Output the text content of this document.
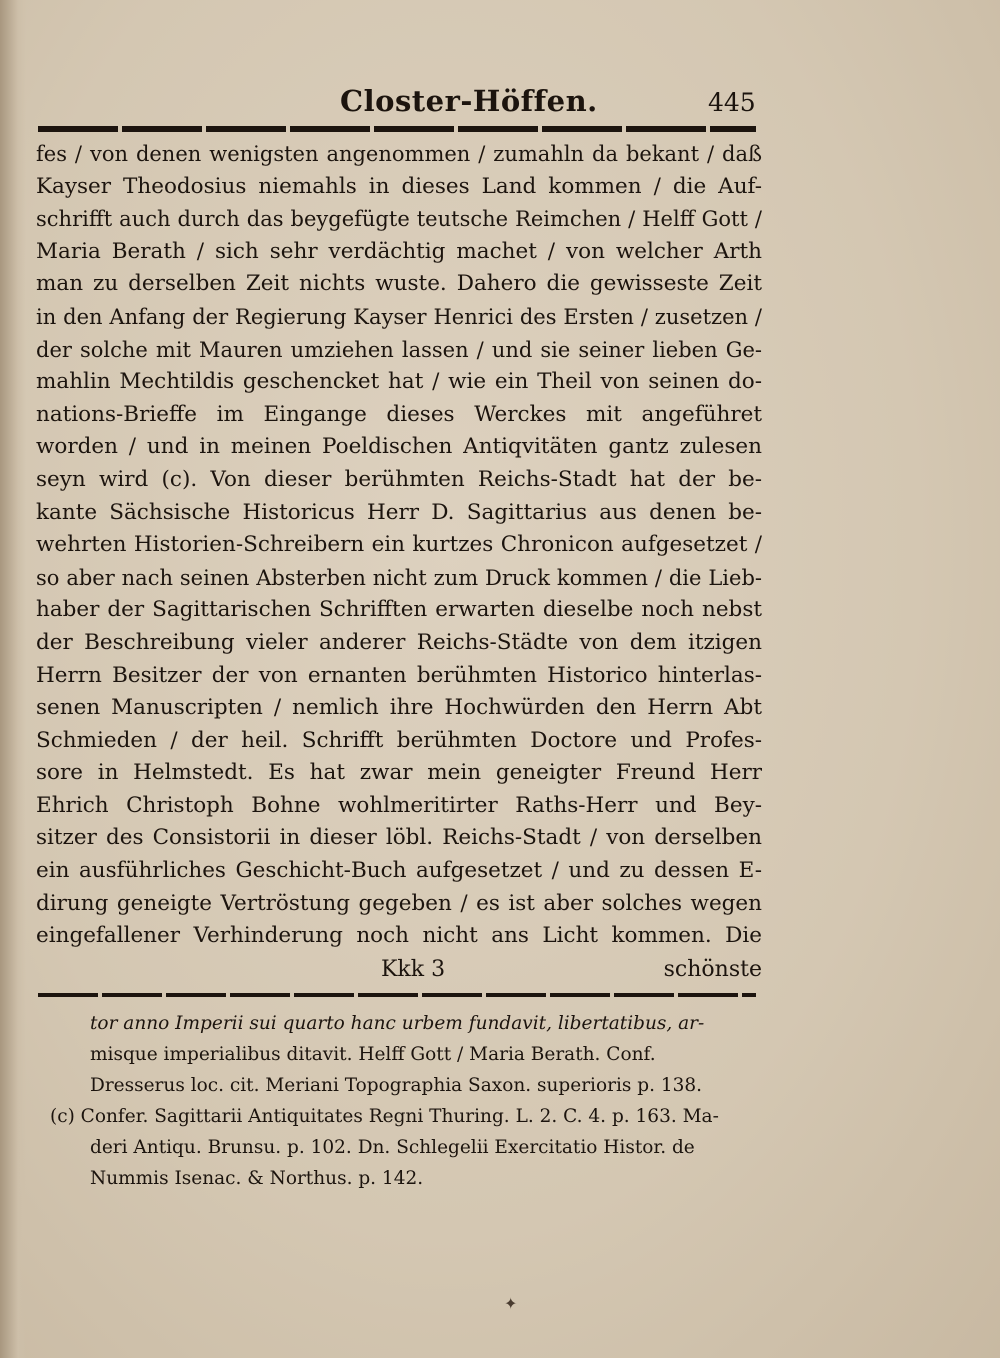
Closter-Höffen.	445
fes / von denen wenigsten angenommen / zumahln da bekant / daß
Kayser Theodosius niemahls in dieses Land kommen / die Auf-
schrifft auch durch das beygefügte teutsche Reimchen / Helff Gott /
Maria Berath / sich sehr verdächtig machet / von welcher Arth
man zu derselben Zeit nichts wuste. Dahero die gewisseste Zeit
in den Anfang der Regierung Kayser Henrici des Ersten / zusetzen /
der solche mit Mauren umziehen lassen / und sie seiner lieben Ge-
mahlin Mechtildis geschencket hat / wie ein Theil von seinen do-
nations-Brieffe im Eingange dieses Werckes mit angeführet
worden / und in meinen Poeldischen Antiqvitäten gantz zulesen
seyn wird (c). Von dieser berühmten Reichs-Stadt hat der be-
kante Sächsische Historicus Herr D. Sagittarius aus denen be-
wehrten Historien-Schreibern ein kurtzes Chronicon aufgesetzet /
so aber nach seinen Absterben nicht zum Druck kommen / die Lieb-
haber der Sagittarischen Schrifften erwarten dieselbe noch nebst
der Beschreibung vieler anderer Reichs-Städte von dem itzigen
Herrn Besitzer der von ernanten berühmten Historico hinterlas-
senen Manuscripten / nemlich ihre Hochwürden den Herrn Abt
Schmieden / der heil. Schrifft berühmten Doctore und Profes-
sore in Helmstedt. Es hat zwar mein geneigter Freund Herr
Ehrich Christoph Bohne wohlmeritirter Raths-Herr und Bey-
sitzer des Consistorii in dieser löbl. Reichs-Stadt / von derselben
ein ausführliches Geschicht-Buch aufgesetzet / und zu dessen E-
dirung geneigte Vertröstung gegeben / es ist aber solches wegen
eingefallener Verhinderung noch nicht ans Licht kommen. Die
Kkk 3	schönste
tor anno Imperii sui quarto hanc urbem fundavit, libertatibus, ar-
misque imperialibus ditavit. Helff Gott / Maria Berath. Conf.
Dresserus loc. cit. Meriani Topographia Saxon. superioris p. 138.
(c) Confer. Sagittarii Antiquitates Regni Thuring. L. 2. C. 4. p. 163. Ma-
deri Antiqu. Brunsu. p. 102. Dn. Schlegelii Exercitatio Histor. de
Nummis Isenac. & Northus. p. 142.
✦
